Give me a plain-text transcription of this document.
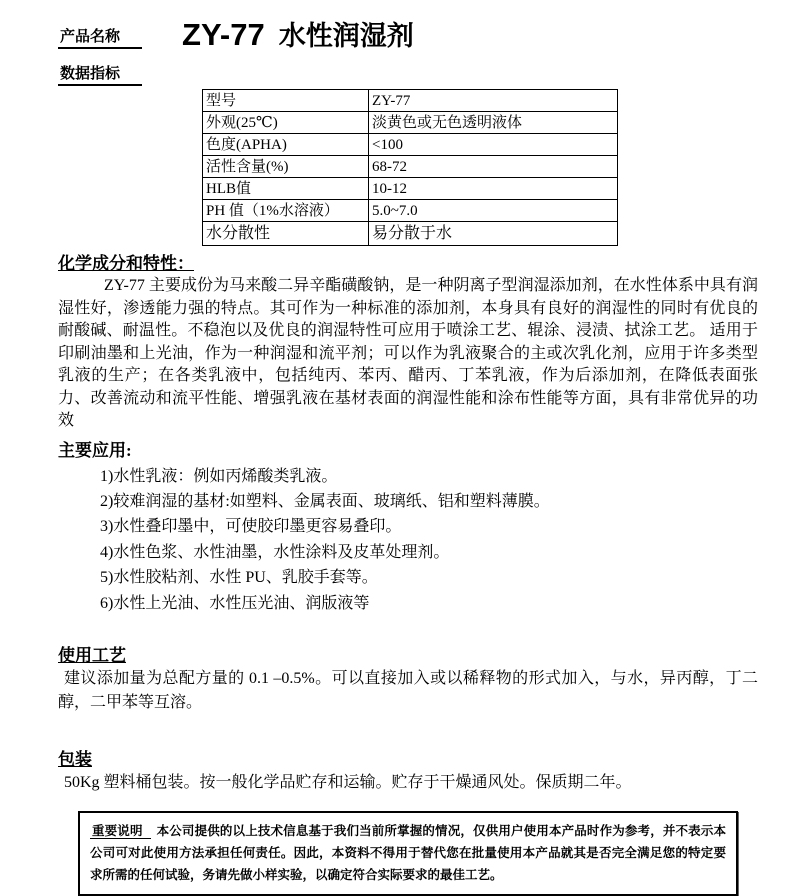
产品名称	ZY-77 水性润湿剂
数据指标
型号	ZY-77
外观(25℃)	淡黄色或无色透明液体
色度(APHA)	<100
活性含量(%)	68-72
HLB值	10-12
PH 值（1%水溶液）	5.0~7.0
水分散性	易分散于水
化学成分和特性：
ZY-77 主要成份为马来酸二异辛酯磺酸钠，是一种阴离子型润湿添加剂，在水性体系中具有润湿性好，渗透能力强的特点。其可作为一种标准的添加剂，本身具有良好的润湿性的同时有优良的耐酸碱、耐温性。不稳泡以及优良的润湿特性可应用于喷涂工艺、辊涂、浸渍、拭涂工艺。 适用于印刷油墨和上光油，作为一种润湿和流平剂；可以作为乳液聚合的主或次乳化剂，应用于许多类型乳液的生产；在各类乳液中，包括纯丙、苯丙、醋丙、丁苯乳液，作为后添加剂，在降低表面张力、改善流动和流平性能、增强乳液在基材表面的润湿性能和涂布性能等方面，具有非常优异的功效
主要应用:
1)水性乳液：例如丙烯酸类乳液。
2)较难润湿的基材:如塑料、金属表面、玻璃纸、铝和塑料薄膜。
3)水性叠印墨中，可使胶印墨更容易叠印。
4)水性色浆、水性油墨，水性涂料及皮革处理剂。
5)水性胶粘剂、水性 PU、乳胶手套等。
6)水性上光油、水性压光油、润版液等
使用工艺
建议添加量为总配方量的 0.1 –0.5%。可以直接加入或以稀释物的形式加入，与水，异丙醇，丁二醇，二甲苯等互溶。
包装
50Kg 塑料桶包装。按一般化学品贮存和运输。贮存于干燥通风处。保质期二年。
重要说明 本公司提供的以上技术信息基于我们当前所掌握的情况，仅供用户使用本产品时作为参考，并不表示本公司可对此使用方法承担任何责任。因此，本资料不得用于替代您在批量使用本产品就其是否完全满足您的特定要求所需的任何试验，务请先做小样实验，以确定符合实际要求的最佳工艺。
